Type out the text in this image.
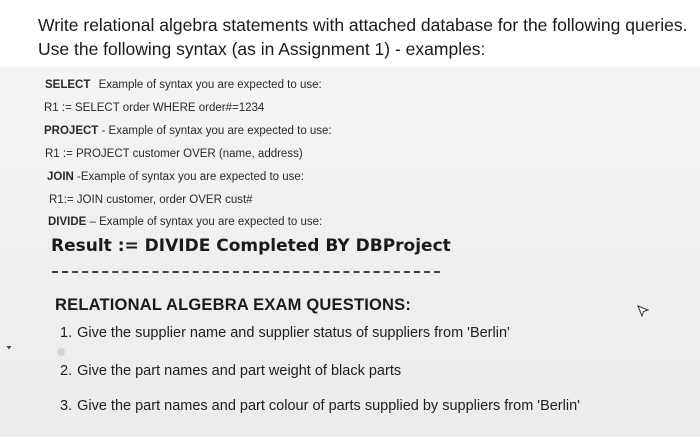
Write relational algebra statements with attached database for the following queries.

Use the following syntax (as in Assignment 1) - examples:

SELECT Example of syntax you are expected to use:
R1 := SELECT order WHERE order#=1234
PROJECT - Example of syntax you are expected to use:
R1 := PROJECT customer OVER (name, address)
JOIN -Example of syntax you are expected to use:
R1:= JOIN customer, order OVER cust#
DIVIDE – Example of syntax you are expected to use:
Result := DIVIDE Completed BY DBProject
RELATIONAL ALGEBRA EXAM QUESTIONS:
1. Give the supplier name and supplier status of suppliers from 'Berlin'
2. Give the part names and part weight of black parts
3. Give the part names and part colour of parts supplied by suppliers from 'Berlin'
